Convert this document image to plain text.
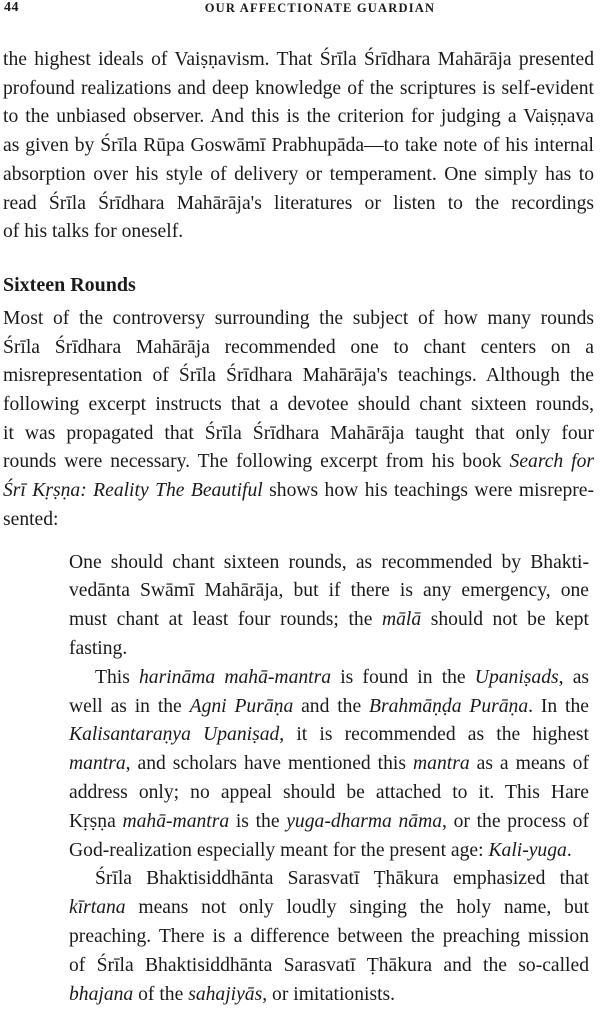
44	OUR AFFECTIONATE GUARDIAN

the highest ideals of Vaiṣṇavism. That Śrīla Śrīdhara Mahārāja presented
profound realizations and deep knowledge of the scriptures is self-evident
to the unbiased observer. And this is the criterion for judging a Vaiṣṇava
as given by Śrīla Rūpa Goswāmī Prabhupāda—to take note of his internal
absorption over his style of delivery or temperament. One simply has to
read Śrīla Śrīdhara Mahārāja's literatures or listen to the recordings
of his talks for oneself.

Sixteen Rounds

Most of the controversy surrounding the subject of how many rounds
Śrīla Śrīdhara Mahārāja recommended one to chant centers on a
misrepresentation of Śrīla Śrīdhara Mahārāja's teachings. Although the
following excerpt instructs that a devotee should chant sixteen rounds,
it was propagated that Śrīla Śrīdhara Mahārāja taught that only four
rounds were necessary. The following excerpt from his book Search for
Śrī Kṛṣṇa: Reality The Beautiful shows how his teachings were misrepre-
sented:

One should chant sixteen rounds, as recommended by Bhakti-
vedānta Swāmī Mahārāja, but if there is any emergency, one
must chant at least four rounds; the mālā should not be kept
fasting.

This harināma mahā-mantra is found in the Upaniṣads, as
well as in the Agni Purāṇa and the Brahmāṇḍa Purāṇa. In the
Kalisantaraṇya Upaniṣad, it is recommended as the highest
mantra, and scholars have mentioned this mantra as a means of
address only; no appeal should be attached to it. This Hare
Kṛṣṇa mahā-mantra is the yuga-dharma nāma, or the process of
God-realization especially meant for the present age: Kali-yuga.

Śrīla Bhaktisiddhānta Sarasvatī Ṭhākura emphasized that
kīrtana means not only loudly singing the holy name, but
preaching. There is a difference between the preaching mission
of Śrīla Bhaktisiddhānta Sarasvatī Ṭhākura and the so-called
bhajana of the sahajiyās, or imitationists.
